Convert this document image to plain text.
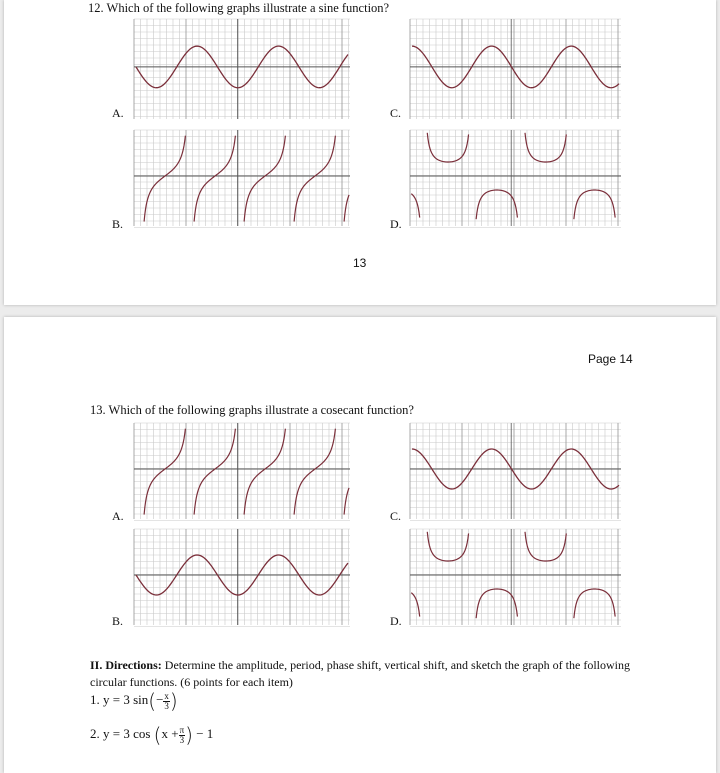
12. Which of the following graphs illustrate a sine function?
A.
B.
C.
D.
13
Page 14
13. Which of the following graphs illustrate a cosecant function?
A.
B.
C.
D.
II. Directions: Determine the amplitude, period, phase shift, vertical shift, and sketch the graph of the following circular functions. (6 points for each item)
1. y = 3 $\sin(- \frac{x}{3}$ )
2. y = 3 $\cos (x + \frac{\pi}{3}$ ) − 1
